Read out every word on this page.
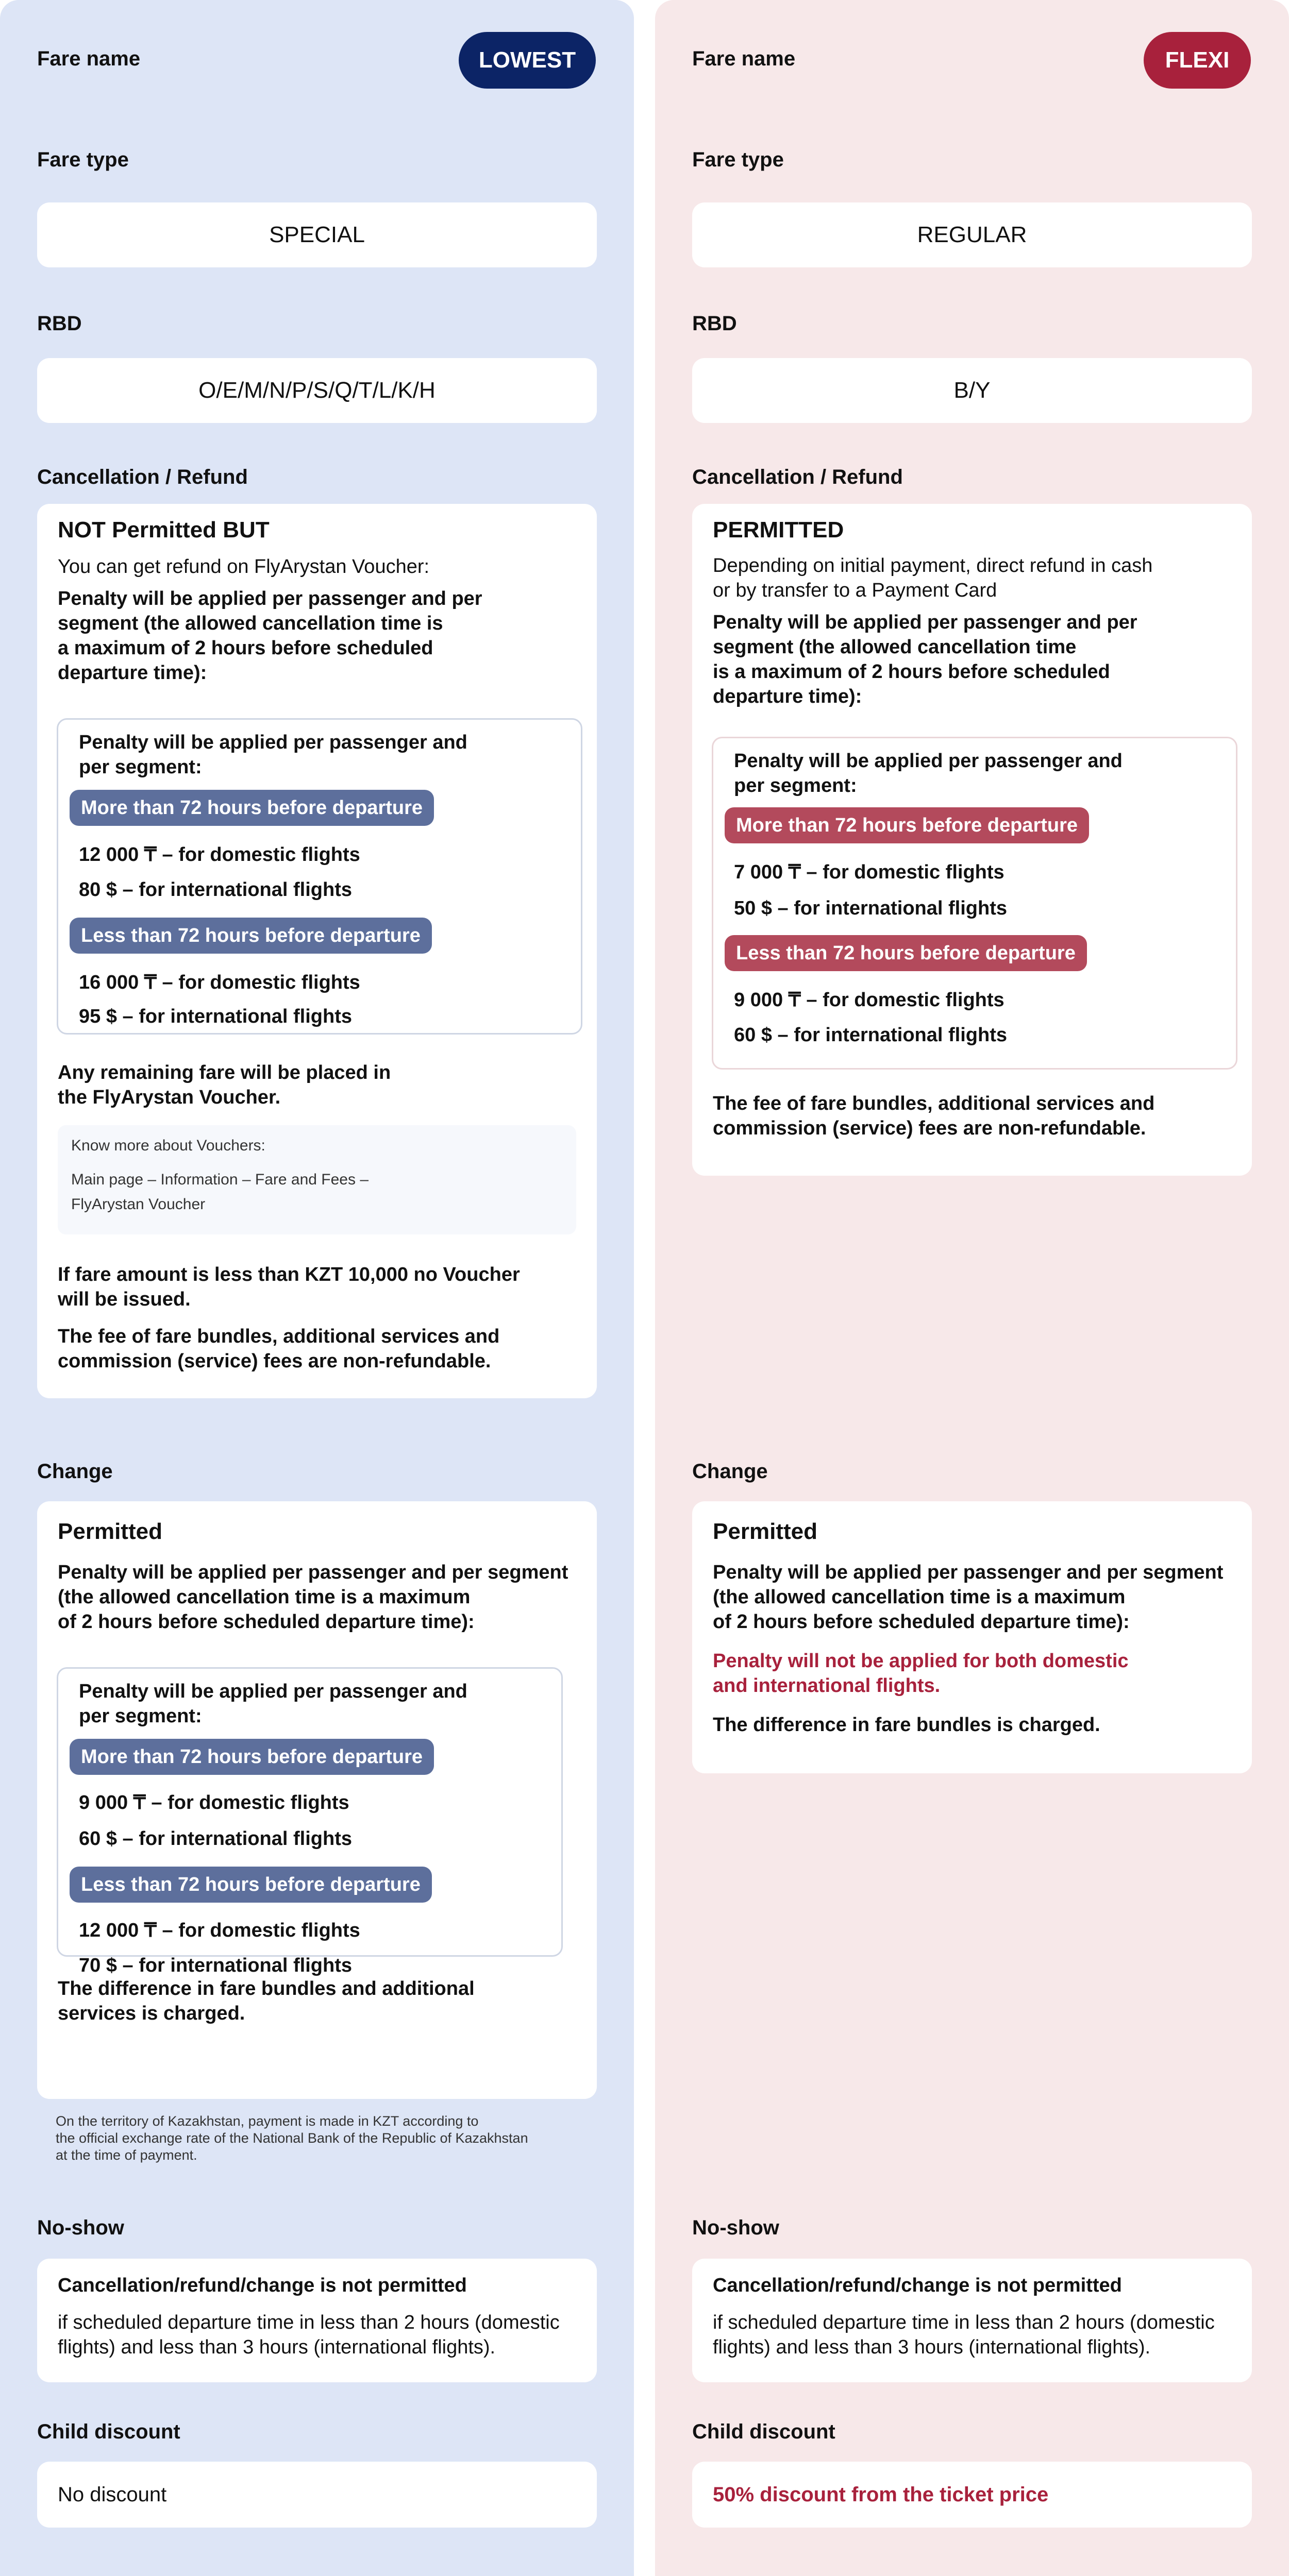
Fare name	LOWEST
Fare type
SPECIAL
RBD
O/E/M/N/P/S/Q/T/L/K/H
Cancellation / Refund
NOT Permitted BUT
You can get refund on FlyArystan Voucher:
Penalty will be applied per passenger and per
segment (the allowed cancellation time is
a maximum of 2 hours before scheduled
departure time):
Penalty will be applied per passenger and
per segment:
More than 72 hours before departure
12 000 ₸ – for domestic flights
80 $ – for international flights
Less than 72 hours before departure
16 000 ₸ – for domestic flights
95 $ – for international flights
Any remaining fare will be placed in
the FlyArystan Voucher.
Know more about Vouchers:
Main page – Information – Fare and Fees –
FlyArystan Voucher
If fare amount is less than KZT 10,000 no Voucher
will be issued.
The fee of fare bundles, additional services and
commission (service) fees are non-refundable.
Change
Permitted
Penalty will be applied per passenger and per segment
(the allowed cancellation time is a maximum
of 2 hours before scheduled departure time):
Penalty will be applied per passenger and
per segment:
More than 72 hours before departure
9 000 ₸ – for domestic flights
60 $ – for international flights
Less than 72 hours before departure
12 000 ₸ – for domestic flights
70 $ – for international flights
The difference in fare bundles and additional
services is charged.
On the territory of Kazakhstan, payment is made in KZT according to
the official exchange rate of the National Bank of the Republic of Kazakhstan
at the time of payment.
No-show
Cancellation/refund/change is not permitted
if scheduled departure time in less than 2 hours (domestic
flights) and less than 3 hours (international flights).
Child discount
No discount
Fare name	FLEXI
Fare type
REGULAR
RBD
B/Y
Cancellation / Refund
PERMITTED
Depending on initial payment, direct refund in cash
or by transfer to a Payment Card
Penalty will be applied per passenger and per
segment (the allowed cancellation time
is a maximum of 2 hours before scheduled
departure time):
Penalty will be applied per passenger and
per segment:
More than 72 hours before departure
7 000 ₸ – for domestic flights
50 $ – for international flights
Less than 72 hours before departure
9 000 ₸ – for domestic flights
60 $ – for international flights
The fee of fare bundles, additional services and
commission (service) fees are non-refundable.
Change
Permitted
Penalty will be applied per passenger and per segment
(the allowed cancellation time is a maximum
of 2 hours before scheduled departure time):
Penalty will not be applied for both domestic
and international flights.
The difference in fare bundles is charged.
No-show
Cancellation/refund/change is not permitted
if scheduled departure time in less than 2 hours (domestic
flights) and less than 3 hours (international flights).
Child discount
50% discount from the ticket price
